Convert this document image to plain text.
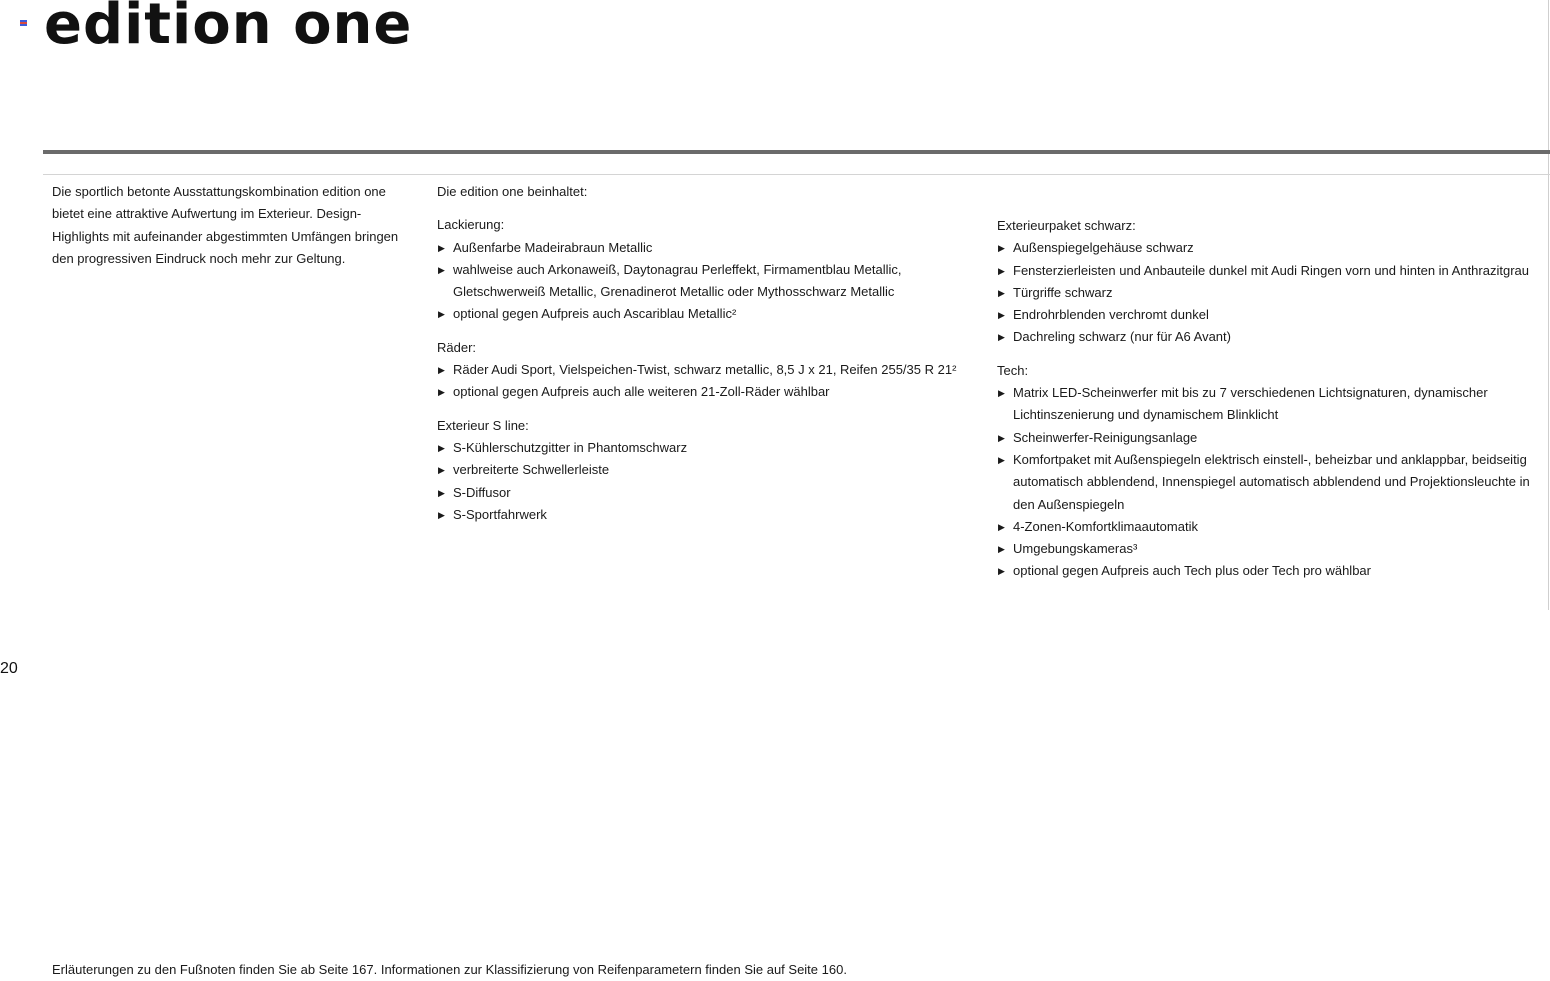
edition one
Die sportlich betonte Ausstattungskombination edition one bietet eine attraktive Aufwertung im Exterieur. Design-Highlights mit aufeinander abgestimmten Umfängen bringen den progressiven Eindruck noch mehr zur Geltung.
Die edition one beinhaltet:
Lackierung:
▶ Außenfarbe Madeirabraun Metallic
▶ wahlweise auch Arkonaweiß, Daytonagrau Perleffekt, Firmamentblau Metallic, Gletschwerweiß Metallic, Grenadinerot Metallic oder Mythosschwarz Metallic
▶ optional gegen Aufpreis auch Ascariblau Metallic²
Räder:
▶ Räder Audi Sport, Vielspeichen-Twist, schwarz metallic, 8,5 J x 21, Reifen 255/35 R 21²
▶ optional gegen Aufpreis auch alle weiteren 21-Zoll-Räder wählbar
Exterieur S line:
▶ S-Kühlerschutzgitter in Phantomschwarz
▶ verbreiterte Schwellerleiste
▶ S-Diffusor
▶ S-Sportfahrwerk
Exterieurpaket schwarz:
▶ Außenspiegelgehäuse schwarz
▶ Fensterzierleisten und Anbauteile dunkel mit Audi Ringen vorn und hinten in Anthrazitgrau
▶ Türgriffe schwarz
▶ Endrohrblenden verchromt dunkel
▶ Dachreling schwarz (nur für A6 Avant)
Tech:
▶ Matrix LED-Scheinwerfer mit bis zu 7 verschiedenen Lichtsignaturen, dynamischer Lichtinszenierung und dynamischem Blinklicht
▶ Scheinwerfer-Reinigungsanlage
▶ Komfortpaket mit Außenspiegeln elektrisch einstell-, beheizbar und anklappbar, beidseitig automatisch abblendend, Innenspiegel automatisch abblendend und Projektionsleuchte in den Außenspiegeln
▶ 4-Zonen-Komfortklimaautomatik
▶ Umgebungskameras³
▶ optional gegen Aufpreis auch Tech plus oder Tech pro wählbar
20
Erläuterungen zu den Fußnoten finden Sie ab Seite 167. Informationen zur Klassifizierung von Reifenparametern finden Sie auf Seite 160.
